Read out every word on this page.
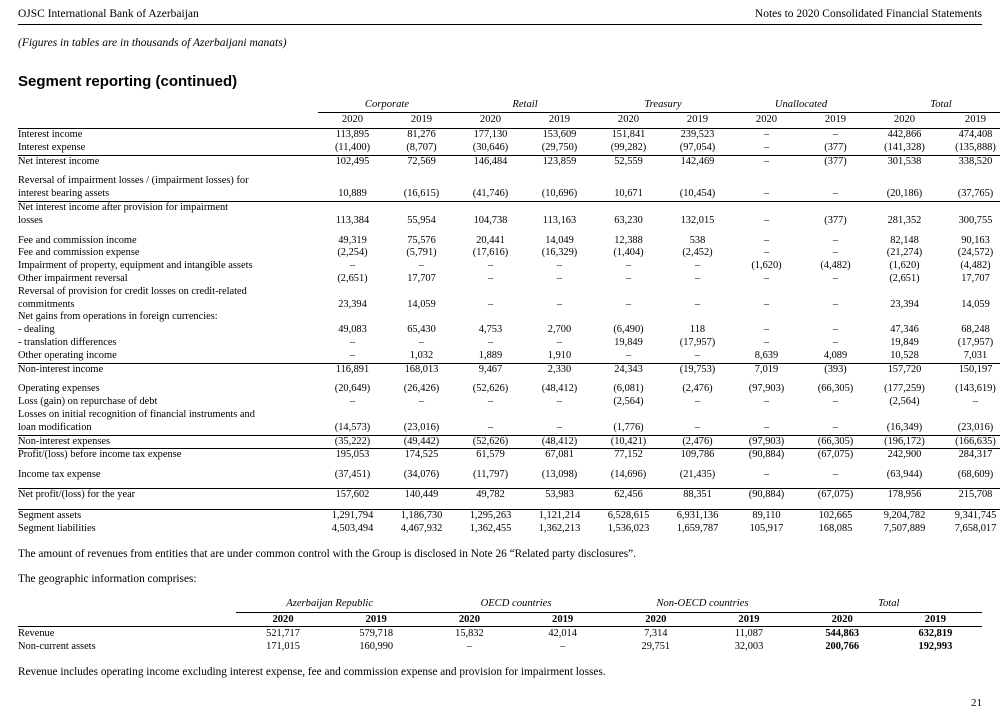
OJSC International Bank of Azerbaijan	Notes to 2020 Consolidated Financial Statements
(Figures in tables are in thousands of Azerbaijani manats)
Segment reporting (continued)

	Corporate		Retail		Treasury		Unallocated		Total	

	2020	2019	2020	2019	2020	2019	2020	2019	2020	2019
Interest income	113,895	81,276	177,130	153,609	151,841	239,523	–	–	442,866	474,408
Interest expense	(11,400)	(8,707)	(30,646)	(29,750)	(99,282)	(97,054)	–	(377)	(141,328)	(135,888)
Net interest income	102,495	72,569	146,484	123,859	52,559	142,469	–	(377)	301,538	338,520

Reversal of impairment losses / (impairment losses) for										
interest bearing assets	10,889	(16,615)	(41,746)	(10,696)	10,671	(10,454)	–	–	(20,186)	(37,765)
Net interest income after provision for impairment										
losses	113,384	55,954	104,738	113,163	63,230	132,015	–	(377)	281,352	300,755

Fee and commission income	49,319	75,576	20,441	14,049	12,388	538	–	–	82,148	90,163
Fee and commission expense	(2,254)	(5,791)	(17,616)	(16,329)	(1,404)	(2,452)	–	–	(21,274)	(24,572)
Impairment of property, equipment and intangible assets	–	–	–	–	–	–	(1,620)	(4,482)	(1,620)	(4,482)
Other impairment reversal	(2,651)	17,707	–	–	–	–	–	–	(2,651)	17,707
Reversal of provision for credit losses on credit-related										
commitments	23,394	14,059	–	–	–	–	–	–	23,394	14,059
Net gains from operations in foreign currencies:										
- dealing	49,083	65,430	4,753	2,700	(6,490)	118	–	–	47,346	68,248
- translation differences	–	–	–	–	19,849	(17,957)	–	–	19,849	(17,957)
Other operating income	–	1,032	1,889	1,910	–	–	8,639	4,089	10,528	7,031
Non-interest income	116,891	168,013	9,467	2,330	24,343	(19,753)	7,019	(393)	157,720	150,197

Operating expenses	(20,649)	(26,426)	(52,626)	(48,412)	(6,081)	(2,476)	(97,903)	(66,305)	(177,259)	(143,619)
Loss (gain) on repurchase of debt	–	–	–	–	(2,564)	–	–	–	(2,564)	–
Losses on initial recognition of financial instruments and										
loan modification	(14,573)	(23,016)	–	–	(1,776)	–	–	–	(16,349)	(23,016)
Non-interest expenses	(35,222)	(49,442)	(52,626)	(48,412)	(10,421)	(2,476)	(97,903)	(66,305)	(196,172)	(166,635)
Profit/(loss) before income tax expense	195,053	174,525	61,579	67,081	77,152	109,786	(90,884)	(67,075)	242,900	284,317

Income tax expense	(37,451)	(34,076)	(11,797)	(13,098)	(14,696)	(21,435)	–	–	(63,944)	(68,609)

Net profit/(loss) for the year	157,602	140,449	49,782	53,983	62,456	88,351	(90,884)	(67,075)	178,956	215,708

Segment assets	1,291,794	1,186,730	1,295,263	1,121,214	6,528,615	6,931,136	89,110	102,665	9,204,782	9,341,745
Segment liabilities	4,503,494	4,467,932	1,362,455	1,362,213	1,536,023	1,659,787	105,917	168,085	7,507,889	7,658,017
The amount of revenues from entities that are under common control with the Group is disclosed in Note 26 “Related party disclosures”.
The geographic information comprises:

	Azerbaijan Republic		OECD countries		Non-OECD countries		Total	

	2020	2019	2020	2019	2020	2019	2020	2019
Revenue	521,717	579,718	15,832	42,014	7,314	11,087	544,863	632,819
Non-current assets	171,015	160,990	–	–	29,751	32,003	200,766	192,993
Revenue includes operating income excluding interest expense, fee and commission expense and provision for impairment losses.
21
